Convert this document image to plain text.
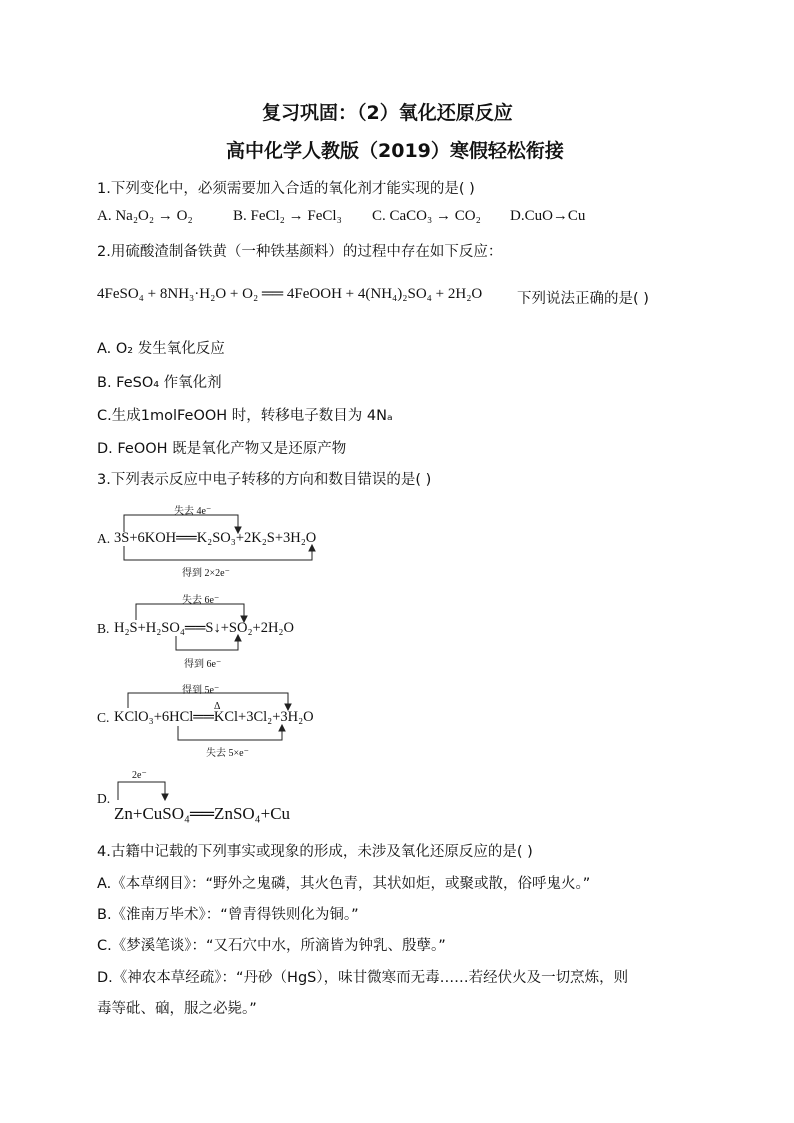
复习巩固：（2）氧化还原反应
高中化学人教版（2019）寒假轻松衔接
1.下列变化中，必须需要加入合适的氧化剂才能实现的是( )
A. Na₂O₂ → O₂	B. FeCl₂ → FeCl₃ C. CaCO₃ → CO₂ D.CuO→Cu
2.用硫酸渣制备铁黄（一种铁基颜料）的过程中存在如下反应：
4FeSO₄ + 8NH₃·H₂O + O₂ ══ 4FeOOH + 4(NH₄)₂SO₄ + 2H₂O 下列说法正确的是( )
A. O₂ 发生氧化反应
B. FeSO₄ 作氧化剂
C.生成1molFeOOH 时，转移电子数目为 4Nₐ
D. FeOOH 既是氧化产物又是还原产物
3.下列表示反应中电子转移的方向和数目错误的是( )
失去 4e⁻
A. 3S+6KOH══K₂SO₃+2K₂S+3H₂O
得到 2×2e⁻
失去 6e⁻
B. H₂S+H₂SO₄══S↓+SO₂+2H₂O
得到 6e⁻
得到 5e⁻
Δ
C. KClO₃+6HCl══KCl+3Cl₂+3H₂O
失去 5×e⁻
2e⁻
D.
Zn+CuSO₄══ZnSO₄+Cu
4.古籍中记载的下列事实或现象的形成，未涉及氧化还原反应的是( )
A.《本草纲目》：“野外之鬼磷，其火色青，其状如炬，或聚或散，俗呼鬼火。”
B.《淮南万毕术》：“曾青得铁则化为铜。”
C.《梦溪笔谈》：“又石穴中水，所滴皆为钟乳、殷孽。”
D.《神农本草经疏》：“丹砂（HgS），味甘微寒而无毒……若经伏火及一切烹炼，则
毒等砒、硇，服之必毙。”
